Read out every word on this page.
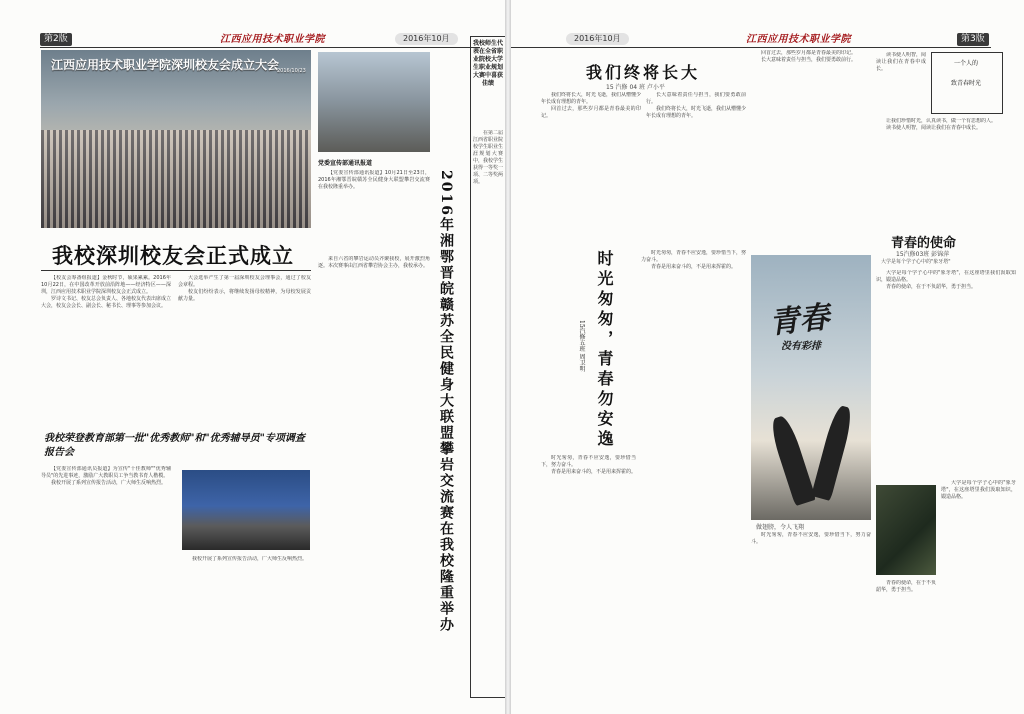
第2版	江西应用技术职业学院	2016年10月
江西应用技术职业学院深圳校友会成立大会
2016/10/23
我校深圳校友会正式成立

【校友会筹备组报道】金秋时节，硕果累累。2016年10月22日，在中国改革开放前沿阵地——经济特区——深圳，江西应用技术职业学院深圳校友会正式成立。

罗诗文书记、校友总会负责人、各地校友代表出席成立大会，校友会会长、副会长、秘书长、理事等参加会议。

大会选举产生了第一届深圳校友会理事会，通过了校友会章程。

校友们纷纷表示，将继续发扬母校精神，为母校发展贡献力量。

我校荣登教育部第一批"优秀教师"和"优秀辅导员"专项调查报告会

【党委宣传部通讯员报道】为宣传"十佳教师""优秀辅导员"的先进事迹，激励广大教职员工争当教书育人楷模。

我校开展了系列宣传报告活动，广大师生反响热烈。

我校开展了系列宣传报告活动，广大师生反响热烈。

【党委宣传部通讯报道】10月21日至23日，2016年湘鄂晋皖赣苏全民健身大联盟攀岩交流赛在我校隆重举办。

党委宣传部通讯报道
2016年湘鄂晋皖赣苏全民健身大联盟攀岩交流赛在我校隆重举办

来自六省的攀岩运动员齐聚我校，展开激烈角逐。本次赛事由江西省攀岩协会主办，我校承办。

我校师生代表在全省职业院校大学生职业规划大赛中喜获佳绩

在第二届江西省职业院校学生职业生涯规划大赛中，我校学生获得一等奖一项、二等奖两项。

2016年10月	江西应用技术职业学院	第3版
我们终将长大
15 汽修 04 班 卢小平

我们终将长大，时光飞逝，我们从懵懂少年长成有理想的青年。

回首过去，那些岁月都是青春最美的印记。

长大意味着责任与担当，我们要勇敢前行。

我们终将长大，时光飞逝，我们从懵懂少年长成有理想的青年。

回首过去，那些岁月都是青春最美的印记。

长大意味着责任与担当，我们要勇敢前行。

时光匆匆，青春勿安逸
15汽修五班 周卫明

时光匆匆，青春不应安逸，要珍惜当下，努力奋斗。

青春是用来奋斗的，不是用来挥霍的。

时光匆匆，青春不应安逸，要珍惜当下，努力奋斗。

青春是用来奋斗的，不是用来挥霍的。

青春
没有彩排
做翅膀，令人飞翔

时光匆匆，青春不应安逸，要珍惜当下，努力奋斗。

一个人的
致青春时光

读书使人明智，阅读让我们在青春中成长。

让我们珍惜时光，认真读书，做一个有思想的人。

读书使人明智，阅读让我们在青春中成长。

青春的使命
15汽修03班 彭锦萍
大学是每个学子心中的"象牙塔"

大学是每个学子心中的"象牙塔"，在这座塔里我们汲取知识，锻造品格。

青春的使命，在于不负韶华，勇于担当。

大学是每个学子心中的"象牙塔"，在这座塔里我们汲取知识，锻造品格。

青春的使命，在于不负韶华，勇于担当。
